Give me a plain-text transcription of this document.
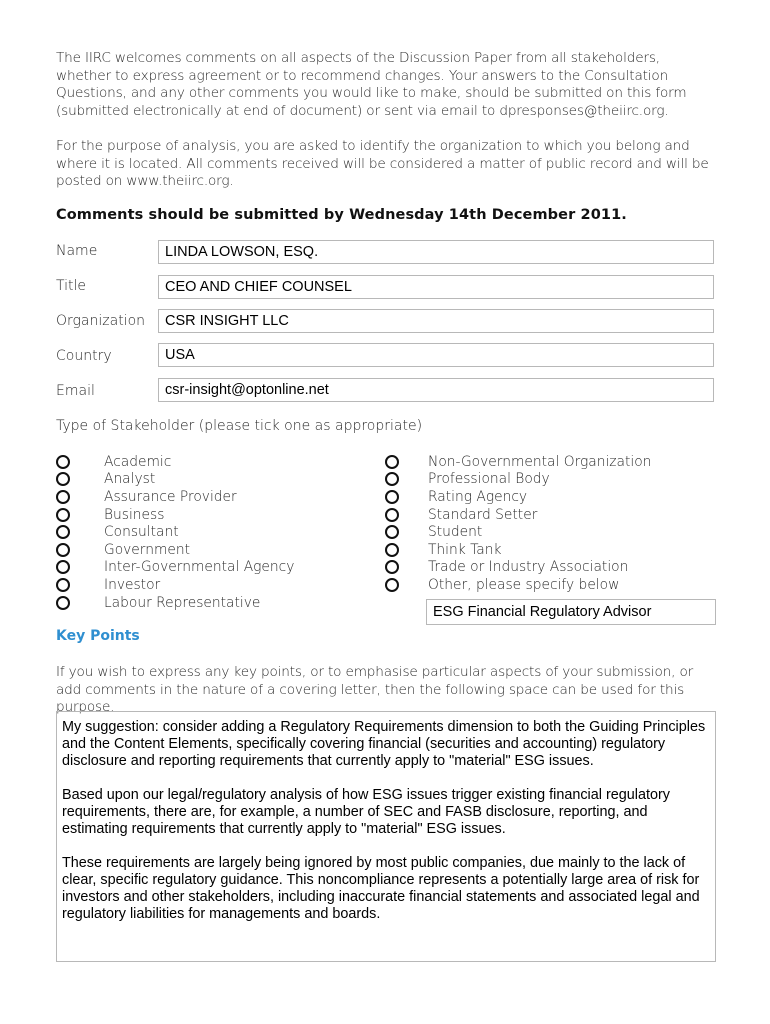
The IIRC welcomes comments on all aspects of the Discussion Paper from all stakeholders, whether to express agreement or to recommend changes. Your answers to the Consultation Questions, and any other comments you would like to make, should be submitted on this form (submitted electronically at end of document) or sent via email to dpresponses@theiirc.org.

For the purpose of analysis, you are asked to identify the organization to which you belong and where it is located. All comments received will be considered a matter of public record and will be posted on www.theiirc.org.

Comments should be submitted by Wednesday 14th December 2011.
Name	LINDA LOWSON, ESQ.
Title	CEO AND CHIEF COUNSEL
Organization	CSR INSIGHT LLC
Country	USA
Email	csr-insight@optonline.net
Type of Stakeholder (please tick one as appropriate)
Academic
Analyst
Assurance Provider
Business
Consultant
Government
Inter-Governmental Agency
Investor
Labour Representative
Non-Governmental Organization
Professional Body
Rating Agency
Standard Setter
Student
Think Tank
Trade or Industry Association
Other, please specify below
ESG Financial Regulatory Advisor
Key Points
If you wish to express any key points, or to emphasise particular aspects of your submission, or add comments in the nature of a covering letter, then the following space can be used for this purpose.

My suggestion: consider adding a Regulatory Requirements dimension to both the Guiding Principles and the Content Elements, specifically covering financial (securities and accounting) regulatory disclosure and reporting requirements that currently apply to "material" ESG issues.

Based upon our legal/regulatory analysis of how ESG issues trigger existing financial regulatory requirements, there are, for example, a number of SEC and FASB disclosure, reporting, and estimating requirements that currently apply to "material" ESG issues.

These requirements are largely being ignored by most public companies, due mainly to the lack of clear, specific regulatory guidance. This noncompliance represents a potentially large area of risk for investors and other stakeholders, including inaccurate financial statements and associated legal and regulatory liabilities for managements and boards.
